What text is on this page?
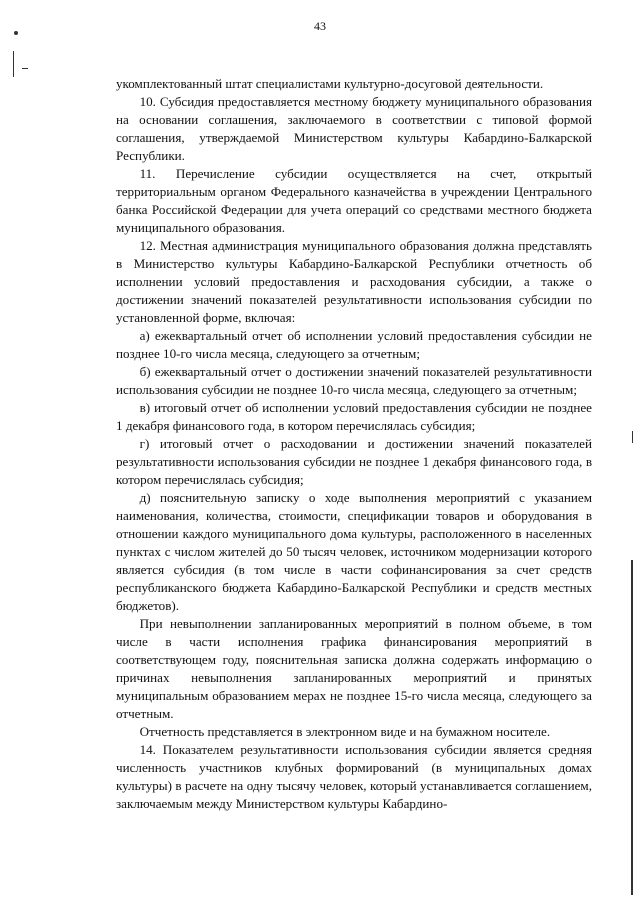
43

укомплектованный штат специалистами культурно-досуговой деятельности.

10. Субсидия предоставляется местному бюджету муниципального образования на основании соглашения, заключаемого в соответствии с типовой формой соглашения, утверждаемой Министерством культуры Кабардино-Балкарской Республики.

11. Перечисление субсидии осуществляется на счет, открытый территориальным органом Федерального казначейства в учреждении Центрального банка Российской Федерации для учета операций со средствами местного бюджета муниципального образования.

12. Местная администрация муниципального образования должна представлять в Министерство культуры Кабардино-Балкарской Республики отчетность об исполнении условий предоставления и расходования субсидии, а также о достижении значений показателей результативности использования субсидии по установленной форме, включая:

а) ежеквартальный отчет об исполнении условий предоставления субсидии не позднее 10-го числа месяца, следующего за отчетным;

б) ежеквартальный отчет о достижении значений показателей результативности использования субсидии не позднее 10-го числа месяца, следующего за отчетным;

в) итоговый отчет об исполнении условий предоставления субсидии не позднее 1 декабря финансового года, в котором перечислялась субсидия;

г) итоговый отчет о расходовании и достижении значений показателей результативности использования субсидии не позднее 1 декабря финансового года, в котором перечислялась субсидия;

д) пояснительную записку о ходе выполнения мероприятий с указанием наименования, количества, стоимости, спецификации товаров и оборудования в отношении каждого муниципального дома культуры, расположенного в населенных пунктах с числом жителей до 50 тысяч человек, источником модернизации которого является субсидия (в том числе в части софинансирования за счет средств республиканского бюджета Кабардино-Балкарской Республики и средств местных бюджетов).

При невыполнении запланированных мероприятий в полном объеме, в том числе в части исполнения графика финансирования мероприятий в соответствующем году, пояснительная записка должна содержать информацию о причинах невыполнения запланированных мероприятий и принятых муниципальным образованием мерах не позднее 15-го числа месяца, следующего за отчетным.

Отчетность представляется в электронном виде и на бумажном носителе.

14. Показателем результативности использования субсидии является средняя численность участников клубных формирований (в муниципальных домах культуры) в расчете на одну тысячу человек, который устанавливается соглашением, заключаемым между Министерством культуры Кабардино-
